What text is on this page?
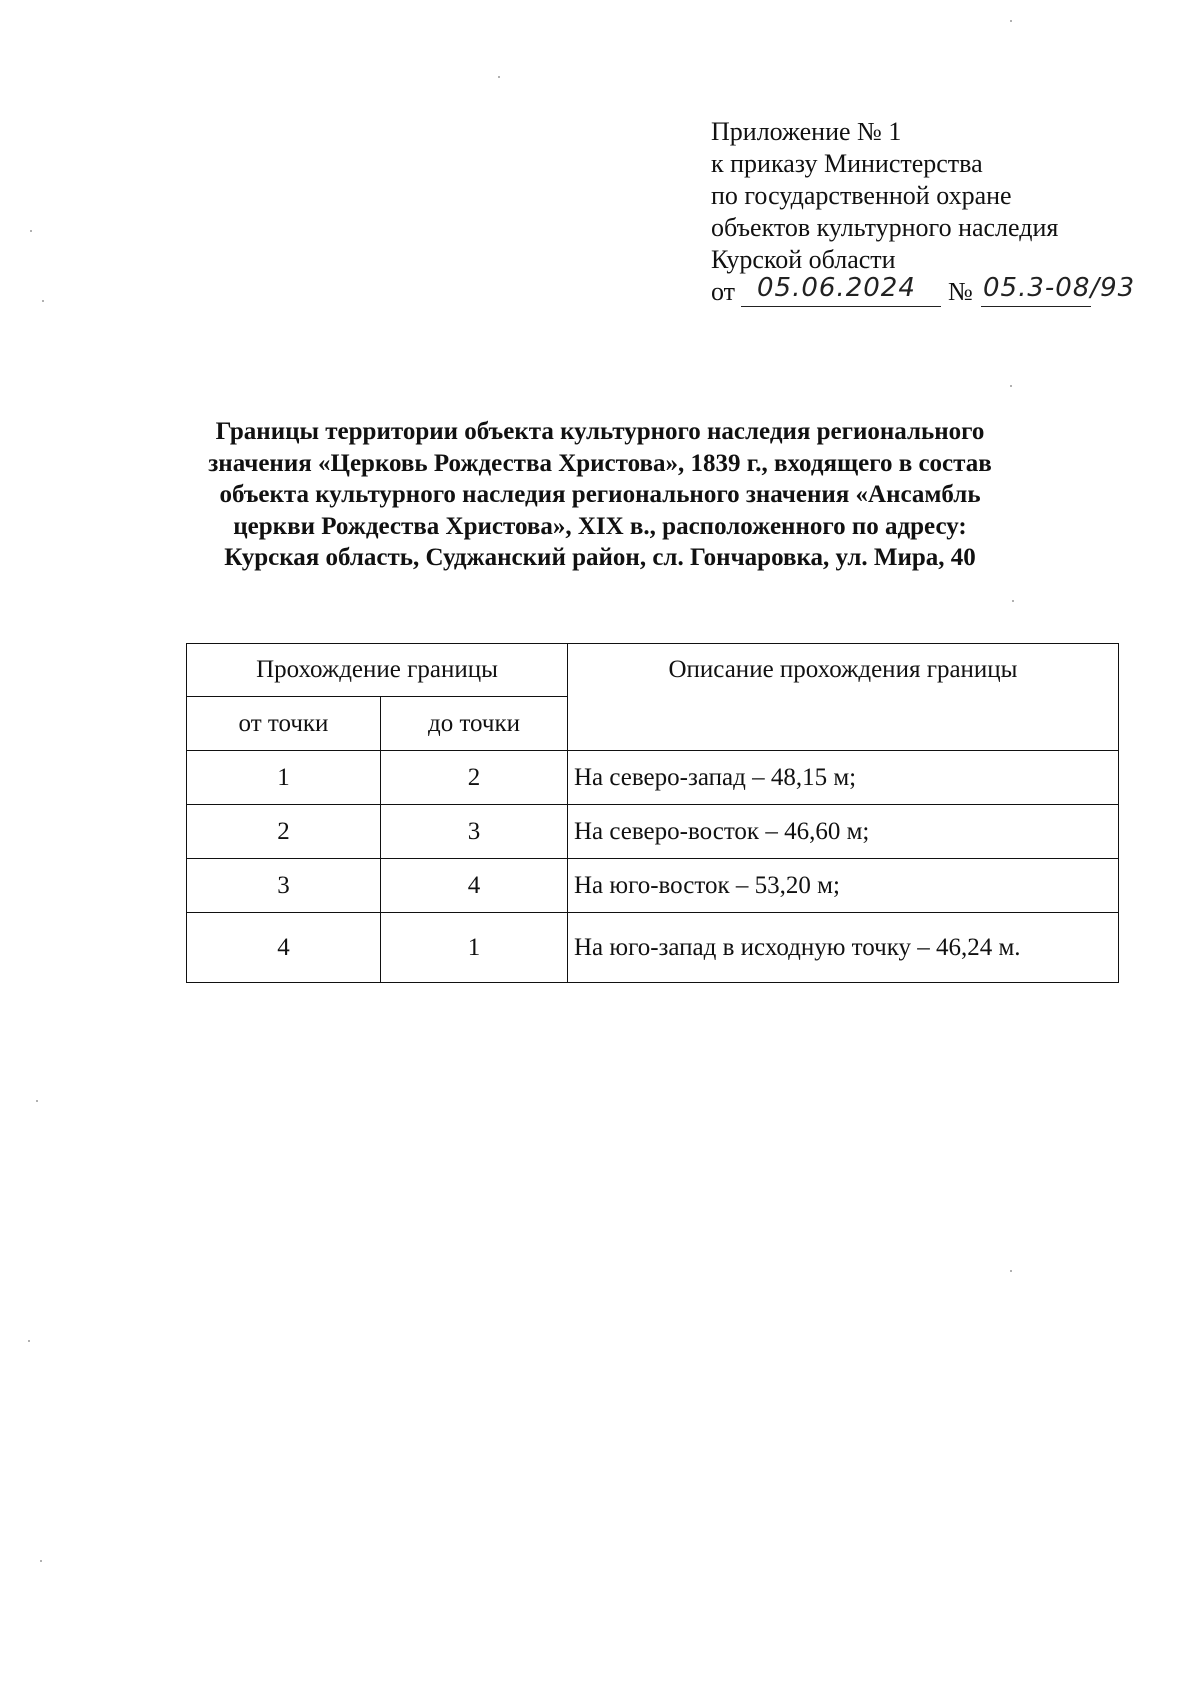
Приложение № 1
к приказу Министерства
по государственной охране
объектов культурного наследия
Курской области
от 05.06.2024 № 05.3-08/93
Границы территории объекта культурного наследия регионального
значения «Церковь Рождества Христова», 1839 г., входящего в состав
объекта культурного наследия регионального значения «Ансамбль
церкви Рождества Христова», XIX в., расположенного по адресу:
Курская область, Суджанский район, сл. Гончаровка, ул. Мира, 40
Прохождение границы		Описание прохождения границы
от точки	до точки	
1	2	На северо-запад – 48,15 м;
2	3	На северо-восток – 46,60 м;
3	4	На юго-восток – 53,20 м;
4	1	На юго-запад в исходную точку – 46,24 м.
